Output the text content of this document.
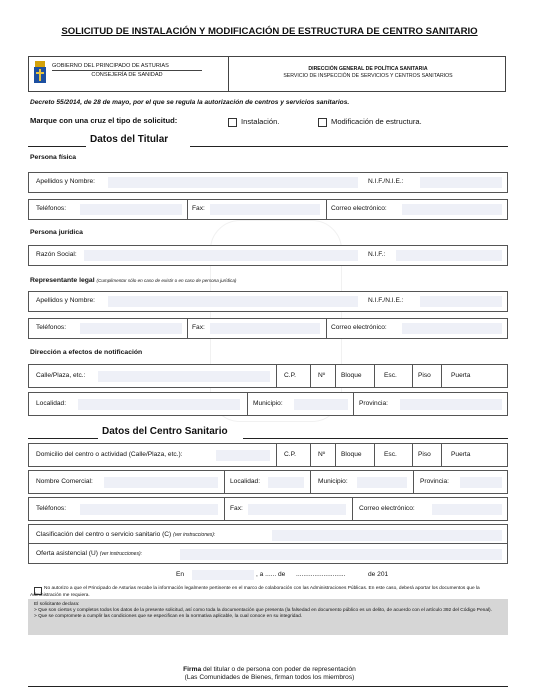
SOLICITUD DE INSTALACIÓN Y MODIFICACIÓN DE ESTRUCTURA DE CENTRO SANITARIO
GOBIERNO DEL PRINCIPADO DE ASTURIAS
CONSEJERÍA DE SANIDAD
DIRECCIÓN GENERAL DE POLÍTICA SANITARIA
SERVICIO DE INSPECCIÓN DE SERVICIOS Y CENTROS SANITARIOS
Decreto 55/2014, de 28 de mayo, por el que se regula la autorización de centros y servicios sanitarios.
Marque con una cruz el tipo de solicitud:	Instalación.	Modificación de estructura.
Datos del Titular
Persona física
Apellidos y Nombre:	N.I.F./N.I.E.:
Teléfonos:	Fax:	Correo electrónico:
Persona jurídica
Razón Social:	N.I.F.:
Representante legal (Cumplimentar sólo en caso de existir o en caso de persona jurídica)
Apellidos y Nombre:	N.I.F./N.I.E.:
Teléfonos:	Fax:	Correo electrónico:
Dirección a efectos de notificación
Calle/Plaza, etc.:	C.P.	Nº Bloque	Esc.	Piso	Puerta
Localidad:	Municipio:	Provincia:
Datos del Centro Sanitario
Domicilio del centro o actividad (Calle/Plaza, etc.):	C.P.	Nº Bloque	Esc.	Piso	Puerta
Nombre Comercial:	Localidad:	Municipio:	Provincia:
Teléfonos:	Fax:	Correo electrónico:
Clasificación del centro o servicio sanitario (C) (ver instrucciones):
Oferta asistencial (U) (ver instrucciones):
En	, a ...... de ...........................	de 201
No autorizo a que el Principado de Asturias recabe la información legalmente pertinente en el marco de colaboración con las Administraciones Públicas. En este caso, deberá aportar los documentos que la Administración me requiera.
El solicitante declara:
> Que son ciertos y completos todos los datos de la presente solicitud, así como toda la documentación que presenta (la falsedad en documento público es un delito, de acuerdo con el artículo 392 del Código Penal).
> Que se compromete a cumplir las condiciones que se especifican en la normativa aplicable, la cual conoce en su integridad.
Firma del titular o de persona con poder de representación
(Las Comunidades de Bienes, firman todos los miembros)
